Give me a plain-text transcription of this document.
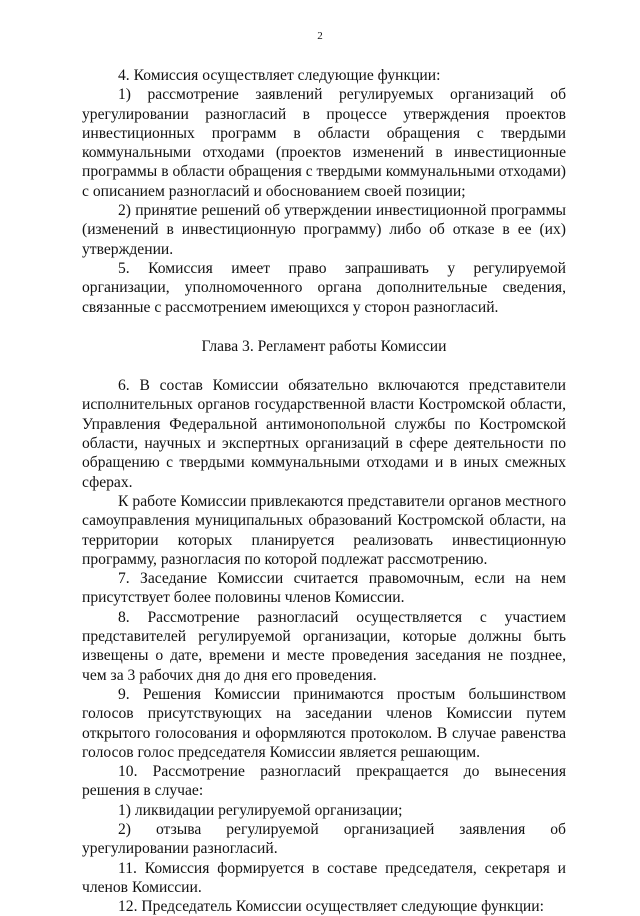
2

4. Комиссия осуществляет следующие функции:

1) рассмотрение заявлений регулируемых организаций об урегулировании разногласий в процессе утверждения проектов инвестиционных программ в области обращения с твердыми коммунальными отходами (проектов изменений в инвестиционные программы в области обращения с твердыми коммунальными отходами) с описанием разногласий и обоснованием своей позиции;

2) принятие решений об утверждении инвестиционной программы (изменений в инвестиционную программу) либо об отказе в ее (их) утверждении.

5. Комиссия имеет право запрашивать у регулируемой организации, уполномоченного органа дополнительные сведения, связанные с рассмотрением имеющихся у сторон разногласий.

Глава 3. Регламент работы Комиссии

6. В состав Комиссии обязательно включаются представители исполнительных органов государственной власти Костромской области, Управления Федеральной антимонопольной службы по Костромской области, научных и экспертных организаций в сфере деятельности по обращению с твердыми коммунальными отходами и в иных смежных сферах.

К работе Комиссии привлекаются представители органов местного самоуправления муниципальных образований Костромской области, на территории которых планируется реализовать инвестиционную программу, разногласия по которой подлежат рассмотрению.

7. Заседание Комиссии считается правомочным, если на нем присутствует более половины членов Комиссии.

8. Рассмотрение разногласий осуществляется с участием представителей регулируемой организации, которые должны быть извещены о дате, времени и месте проведения заседания не позднее, чем за 3 рабочих дня до дня его проведения.

9. Решения Комиссии принимаются простым большинством голосов присутствующих на заседании членов Комиссии путем открытого голосования и оформляются протоколом. В случае равенства голосов голос председателя Комиссии является решающим.

10. Рассмотрение разногласий прекращается до вынесения решения в случае:

1) ликвидации регулируемой организации;

2) отзыва регулируемой организацией заявления об урегулировании разногласий.

11. Комиссия формируется в составе председателя, секретаря и членов Комиссии.

12. Председатель Комиссии осуществляет следующие функции:
